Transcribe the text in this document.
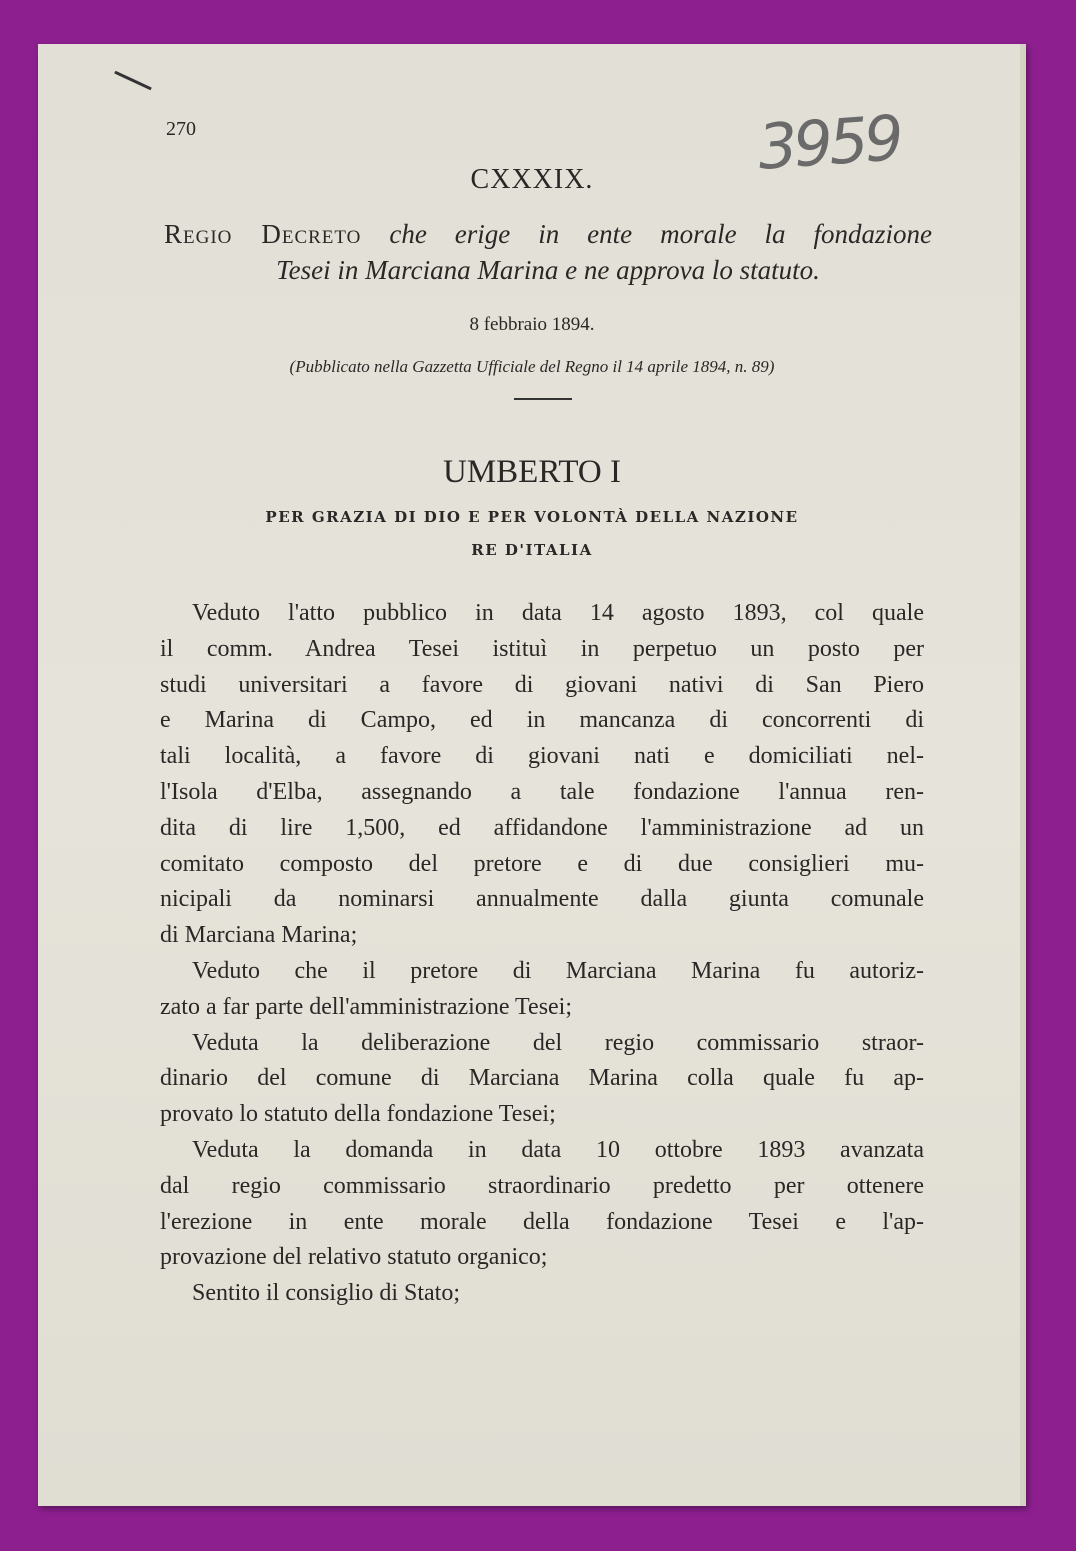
270	3959
CXXXIX.
Regio Decreto che erige in ente morale la fondazione
Tesei in Marciana Marina e ne approva lo statuto.
8 febbraio 1894.
(Pubblicato nella Gazzetta Ufficiale del Regno il 14 aprile 1894, n. 89)
UMBERTO I
PER GRAZIA DI DIO E PER VOLONTÀ DELLA NAZIONE
RE D'ITALIA
Veduto l'atto pubblico in data 14 agosto 1893, col quale
il comm. Andrea Tesei istituì in perpetuo un posto per
studi universitari a favore di giovani nativi di San Piero
e Marina di Campo, ed in mancanza di concorrenti di
tali località, a favore di giovani nati e domiciliati nel-
l'Isola d'Elba, assegnando a tale fondazione l'annua ren-
dita di lire 1,500, ed affidandone l'amministrazione ad un
comitato composto del pretore e di due consiglieri mu-
nicipali da nominarsi annualmente dalla giunta comunale
di Marciana Marina;
Veduto che il pretore di Marciana Marina fu autoriz-
zato a far parte dell'amministrazione Tesei;
Veduta la deliberazione del regio commissario straor-
dinario del comune di Marciana Marina colla quale fu ap-
provato lo statuto della fondazione Tesei;
Veduta la domanda in data 10 ottobre 1893 avanzata
dal regio commissario straordinario predetto per ottenere
l'erezione in ente morale della fondazione Tesei e l'ap-
provazione del relativo statuto organico;
Sentito il consiglio di Stato;
